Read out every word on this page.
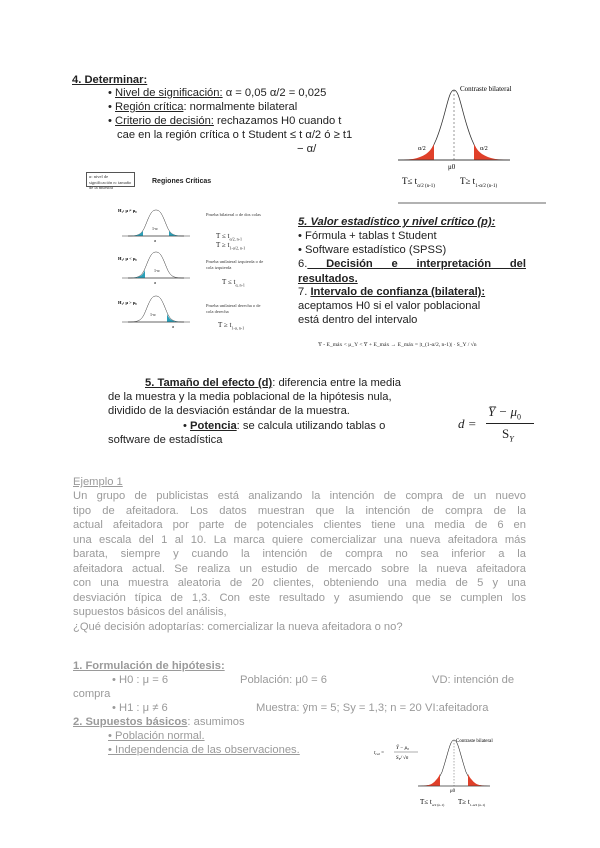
4. Determinar:
• Nivel de significación: α = 0,05 α/2 = 0,025
• Región crítica: normalmente bilateral
• Criterio de decisión: rechazamos H0 cuando t
cae en la región crítica o t Student ≤ t α/2 ó ≥ t1
− α/
Contraste bilateral
μ0
α/2	α/2
$T\le t_{\alpha/2 (n-1)}$
$T\ge t_{1-\alpha/2 (n-1)}$
α: nivel de significación n: tamaño de la muestra
Regiones Críticas
H₁: μ ≠ μ₀
1-α
α
H₁: μ < μ₀
1-α
α
H₁: μ > μ₀
1-α
α
Prueba bilateral o de dos colas
$T \le t_{\alpha/2, n-1}$
$T \ge t_{1-\alpha/2, n-1}$
Prueba unilateral izquierda o de cola izquierda
$T \le t_{\alpha, n-1}$
Prueba unilateral derecha o de cola derecha
$T \ge t_{1-\alpha, n-1}$
5. Valor estadístico y nivel crítico (p):
• Fórmula + tablas t Student
• Software estadístico (SPSS)
6. Decisión e interpretación del resultados.
7. Intervalo de confianza (bilateral):
aceptamos H0 si el valor poblacional
está dentro del intervalo
Y̅ - E_máx < μ_Y < Y̅ + E_máx → E_máx = |t_(1-α/2, n-1)| · S_Y / √n
5. Tamaño del efecto (d): diferencia entre la media
de la muestra y la media poblacional de la hipótesis nula,
dividido de la desviación estándar de la muestra.
• Potencia: se calcula utilizando tablas o
software de estadística
d =
Y̅ − $\mu_0$
$S_Y$
Ejemplo 1
Un grupo de publicistas está analizando la intención de compra de un nuevo
tipo de afeitadora. Los datos muestran que la intención de compra de la
actual afeitadora por parte de potenciales clientes tiene una media de 6 en
una escala del 1 al 10. La marca quiere comercializar una nueva afeitadora más
barata, siempre y cuando la intención de compra no sea inferior a la
afeitadora actual. Se realiza un estudio de mercado sobre la nueva afeitadora
con una muestra aleatoria de 20 clientes, obteniendo una media de 5 y una
desviación típica de 1,3. Con este resultado y asumiendo que se cumplen los
supuestos básicos del análisis,
¿Qué decisión adoptarías: comercializar la nueva afeitadora o no?
1. Formulación de hipótesis:
• H0 : μ = 6	Población: μ0 = 6	VD: intención de
compra
• H1 : μ ≠ 6	Muestra: ȳm = 5; Sy = 1,3; n = 20 VI:afeitadora
2. Supuestos básicos: asumimos
• Población normal.
• Independencia de las observaciones.
Contraste bilateral
μ0
$t_{cal}$ =
Ȳ − $\mu_0$
$S_Y/$ √n
$T\le t_{\alpha/2 (n-1)}$ $T\ge t_{1-\alpha/2 (n-1)}$
